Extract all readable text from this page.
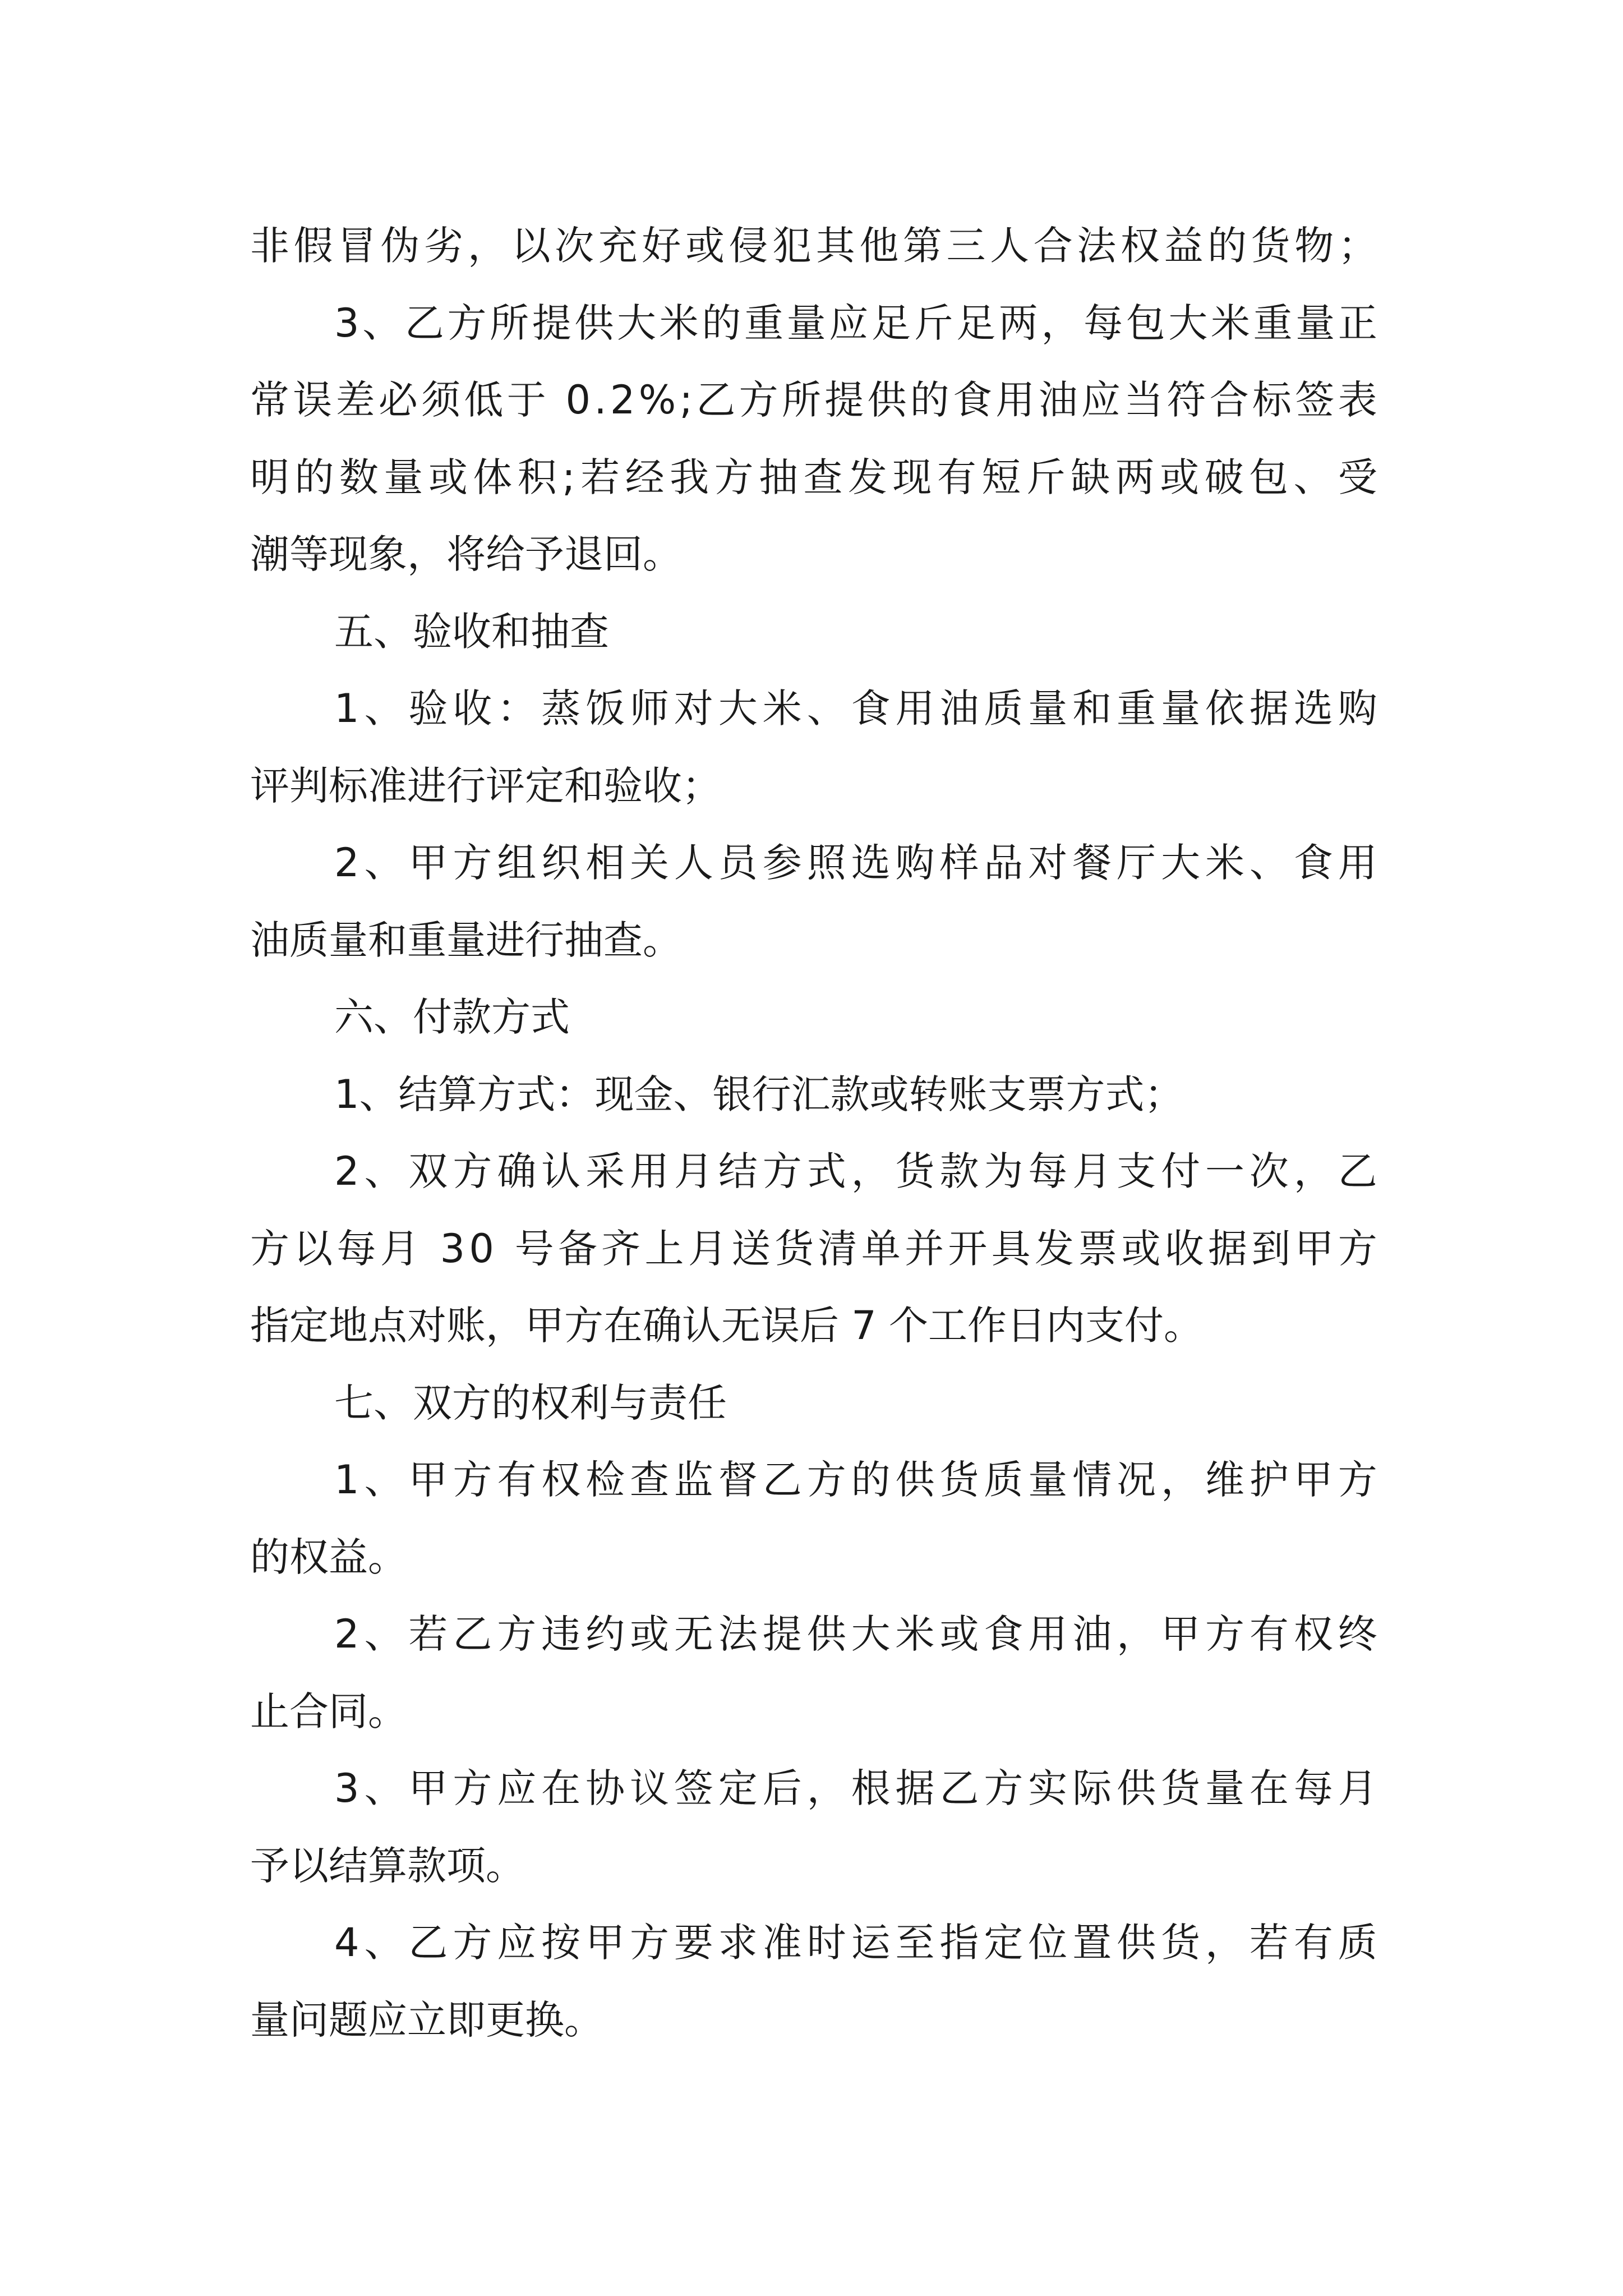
非 假 冒 伪 劣 ， 以 次 充 好 或 侵 犯 其 他 第 三 人 合 法 权 益 的 货 物 ；
3 、 乙 方 所 提 供 大 米 的 重 量 应 足 斤 足 两 ， 每 包 大 米 重 量 正
常 误 差 必 须 低 于
0 . 2 % ; 乙 方 所 提 供 的 食 用 油 应 当 符 合 标 签 表
明 的 数 量 或 体 积 ; 若 经 我 方 抽 查 发 现 有 短 斤 缺 两 或 破 包 、 受
潮等现象，将给予退回。
五、验收和抽查
1 、 验 收 ： 蒸 饭 师 对 大 米 、 食 用 油 质 量 和 重 量 依 据 选 购
评判标准进行评定和验收；
2 、 甲 方 组 织 相 关 人 员 参 照 选 购 样 品 对 餐 厅 大 米 、 食 用
油质量和重量进行抽查。
六、付款方式
1、结算方式：现金、银行汇款或转账支票方式；
2 、 双 方 确 认 采 用 月 结 方 式 ， 货 款 为 每 月 支 付 一 次 ， 乙
方 以 每 月
3 0
号 备 齐 上 月 送 货 清 单 并 开 具 发 票 或 收 据 到 甲 方
指定地点对账，甲方在确认无误后 7 个工作日内支付。
七、双方的权利与责任
1 、 甲 方 有 权 检 查 监 督 乙 方 的 供 货 质 量 情 况 ， 维 护 甲 方
的权益。
2 、 若 乙 方 违 约 或 无 法 提 供 大 米 或 食 用 油 ， 甲 方 有 权 终
止合同。
3 、 甲 方 应 在 协 议 签 定 后 ， 根 据 乙 方 实 际 供 货 量 在 每 月
予以结算款项。
4 、 乙 方 应 按 甲 方 要 求 准 时 运 至 指 定 位 置 供 货 ， 若 有 质
量问题应立即更换。
